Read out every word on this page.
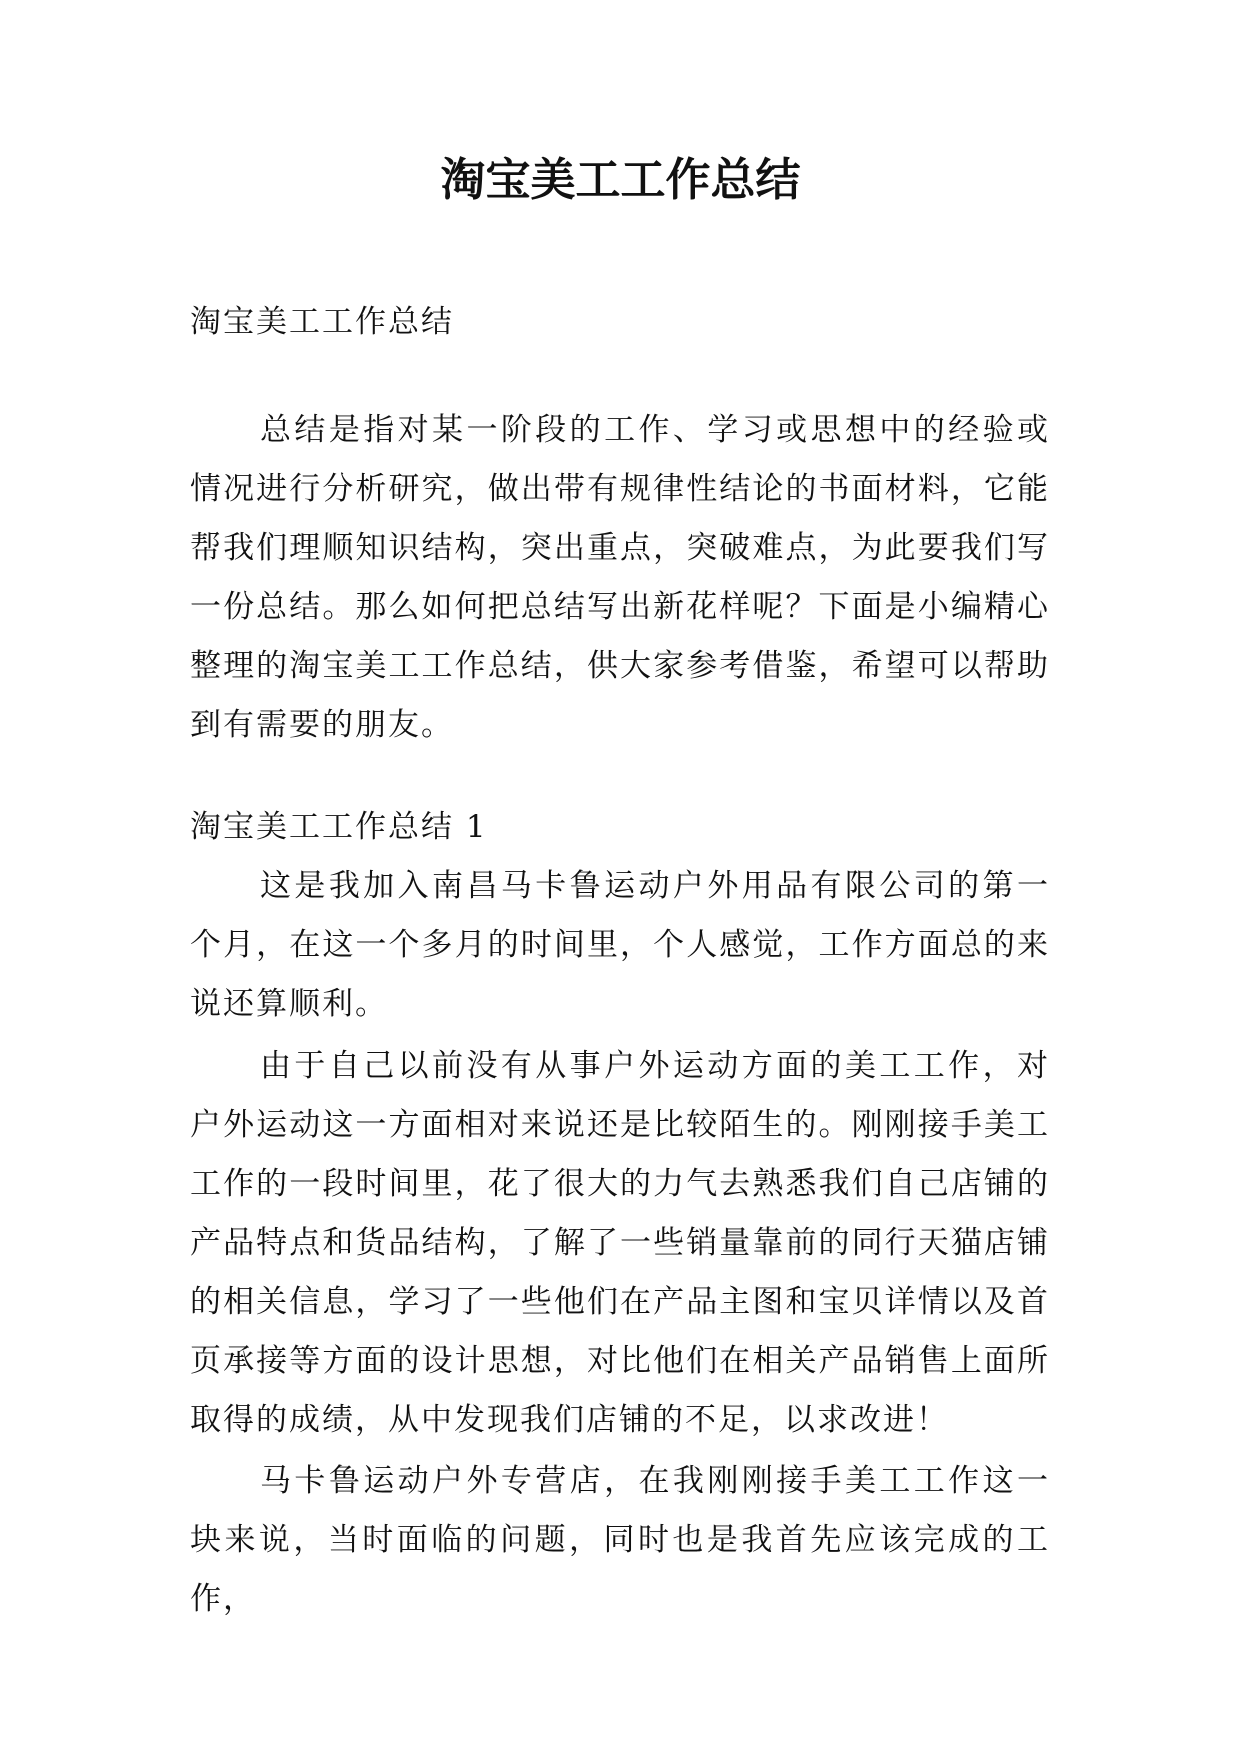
淘宝美工工作总结

淘宝美工工作总结

总结是指对某一阶段的工作、学习或思想中的经验或情况进行分析研究，做出带有规律性结论的书面材料，它能帮我们理顺知识结构，突出重点，突破难点，为此要我们写一份总结。那么如何把总结写出新花样呢？下面是小编精心整理的淘宝美工工作总结，供大家参考借鉴，希望可以帮助到有需要的朋友。

淘宝美工工作总结 1

这是我加入南昌马卡鲁运动户外用品有限公司的第一个月，在这一个多月的时间里，个人感觉，工作方面总的来说还算顺利。

由于自己以前没有从事户外运动方面的美工工作，对户外运动这一方面相对来说还是比较陌生的。刚刚接手美工工作的一段时间里，花了很大的力气去熟悉我们自己店铺的产品特点和货品结构，了解了一些销量靠前的同行天猫店铺的相关信息，学习了一些他们在产品主图和宝贝详情以及首页承接等方面的设计思想，对比他们在相关产品销售上面所取得的成绩，从中发现我们店铺的不足，以求改进！

马卡鲁运动户外专营店，在我刚刚接手美工工作这一块来说，当时面临的问题，同时也是我首先应该完成的工作，
